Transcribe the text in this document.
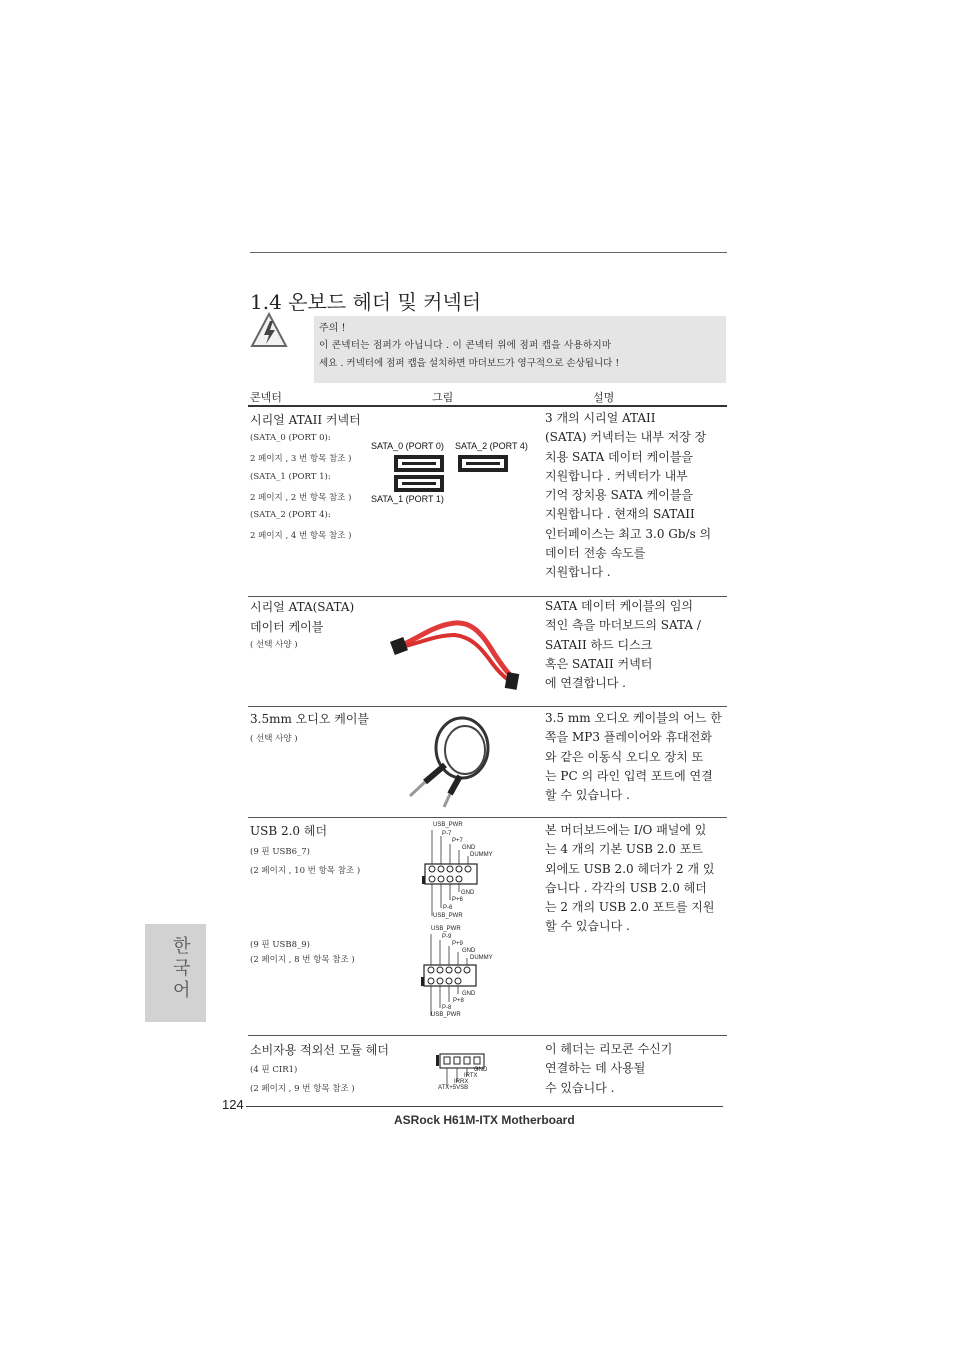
1.4 온보드 헤더 및 커넥터
주의 !
이 콘넥터는 점퍼가 아닙니다 . 이 콘넥터 위에 점퍼 캡을 사용하지마
세요 . 커넥터에 점퍼 캡을 설치하면 마더보드가 영구적으로 손상됩니다 !
콘넥터	그림	설명
시리얼 ATAII 커넥터
(SATA_0 (PORT 0):
2 페이지 , 3 번 항목 참조 )
(SATA_1 (PORT 1):
2 페이지 , 2 번 항목 참조 )
(SATA_2 (PORT 4):
2 페이지 , 4 번 항목 참조 )
SATA_0 (PORT 0) SATA_2 (PORT 4)
SATA_1 (PORT 1)
3 개의 시리얼 ATAII
(SATA) 커넥터는 내부 저장 장
치용 SATA 데이터 케이블을
지원합니다 . 커넥터가 내부
기억 장치용 SATA 케이블을
지원합니다 . 현재의 SATAII
인터페이스는 최고 3.0 Gb/s 의
데이터 전송 속도를
지원합니다 .
시리얼 ATA(SATA)
데이터 케이블
( 선택 사양 )
SATA 데이터 케이블의 임의
적인 측을 마더보드의 SATA /
SATAII 하드 디스크
혹은 SATAII 커넥터
에 연결합니다 .
3.5mm 오디오 케이블
( 선택 사양 )
3.5 mm 오디오 케이블의 어느 한
쪽을 MP3 플레이어와 휴대전화
와 같은 이동식 오디오 장치 또
는 PC 의 라인 입력 포트에 연결
할 수 있습니다 .
USB 2.0 헤더
(9 핀 USB6_7)
(2 페이지 , 10 번 항목 참조 )
(9 핀 USB8_9)
(2 페이지 , 8 번 항목 참조 )
USB_PWR
P-7
P+7
GND
DUMMY
GND
P+6
P-6
USB_PWR
USB_PWR
P-9
P+9
GND
DUMMY
GND
P+8
P-8
USB_PWR
본 머더보드에는 I/O 패널에 있
는 4 개의 기본 USB 2.0 포트
외에도 USB 2.0 헤더가 2 개 있
습니다 . 각각의 USB 2.0 헤더
는 2 개의 USB 2.0 포트를 지원
할 수 있습니다 .
한국어
소비자용 적외선 모듈 헤더
(4 핀 CIR1)
(2 페이지 , 9 번 항목 참조 )
GND
IRTX
IRRX
ATX+5VSB
이 헤더는 리모콘 수신기
연결하는 데 사용될
수 있습니다 .
124
ASRock H61M-ITX Motherboard
